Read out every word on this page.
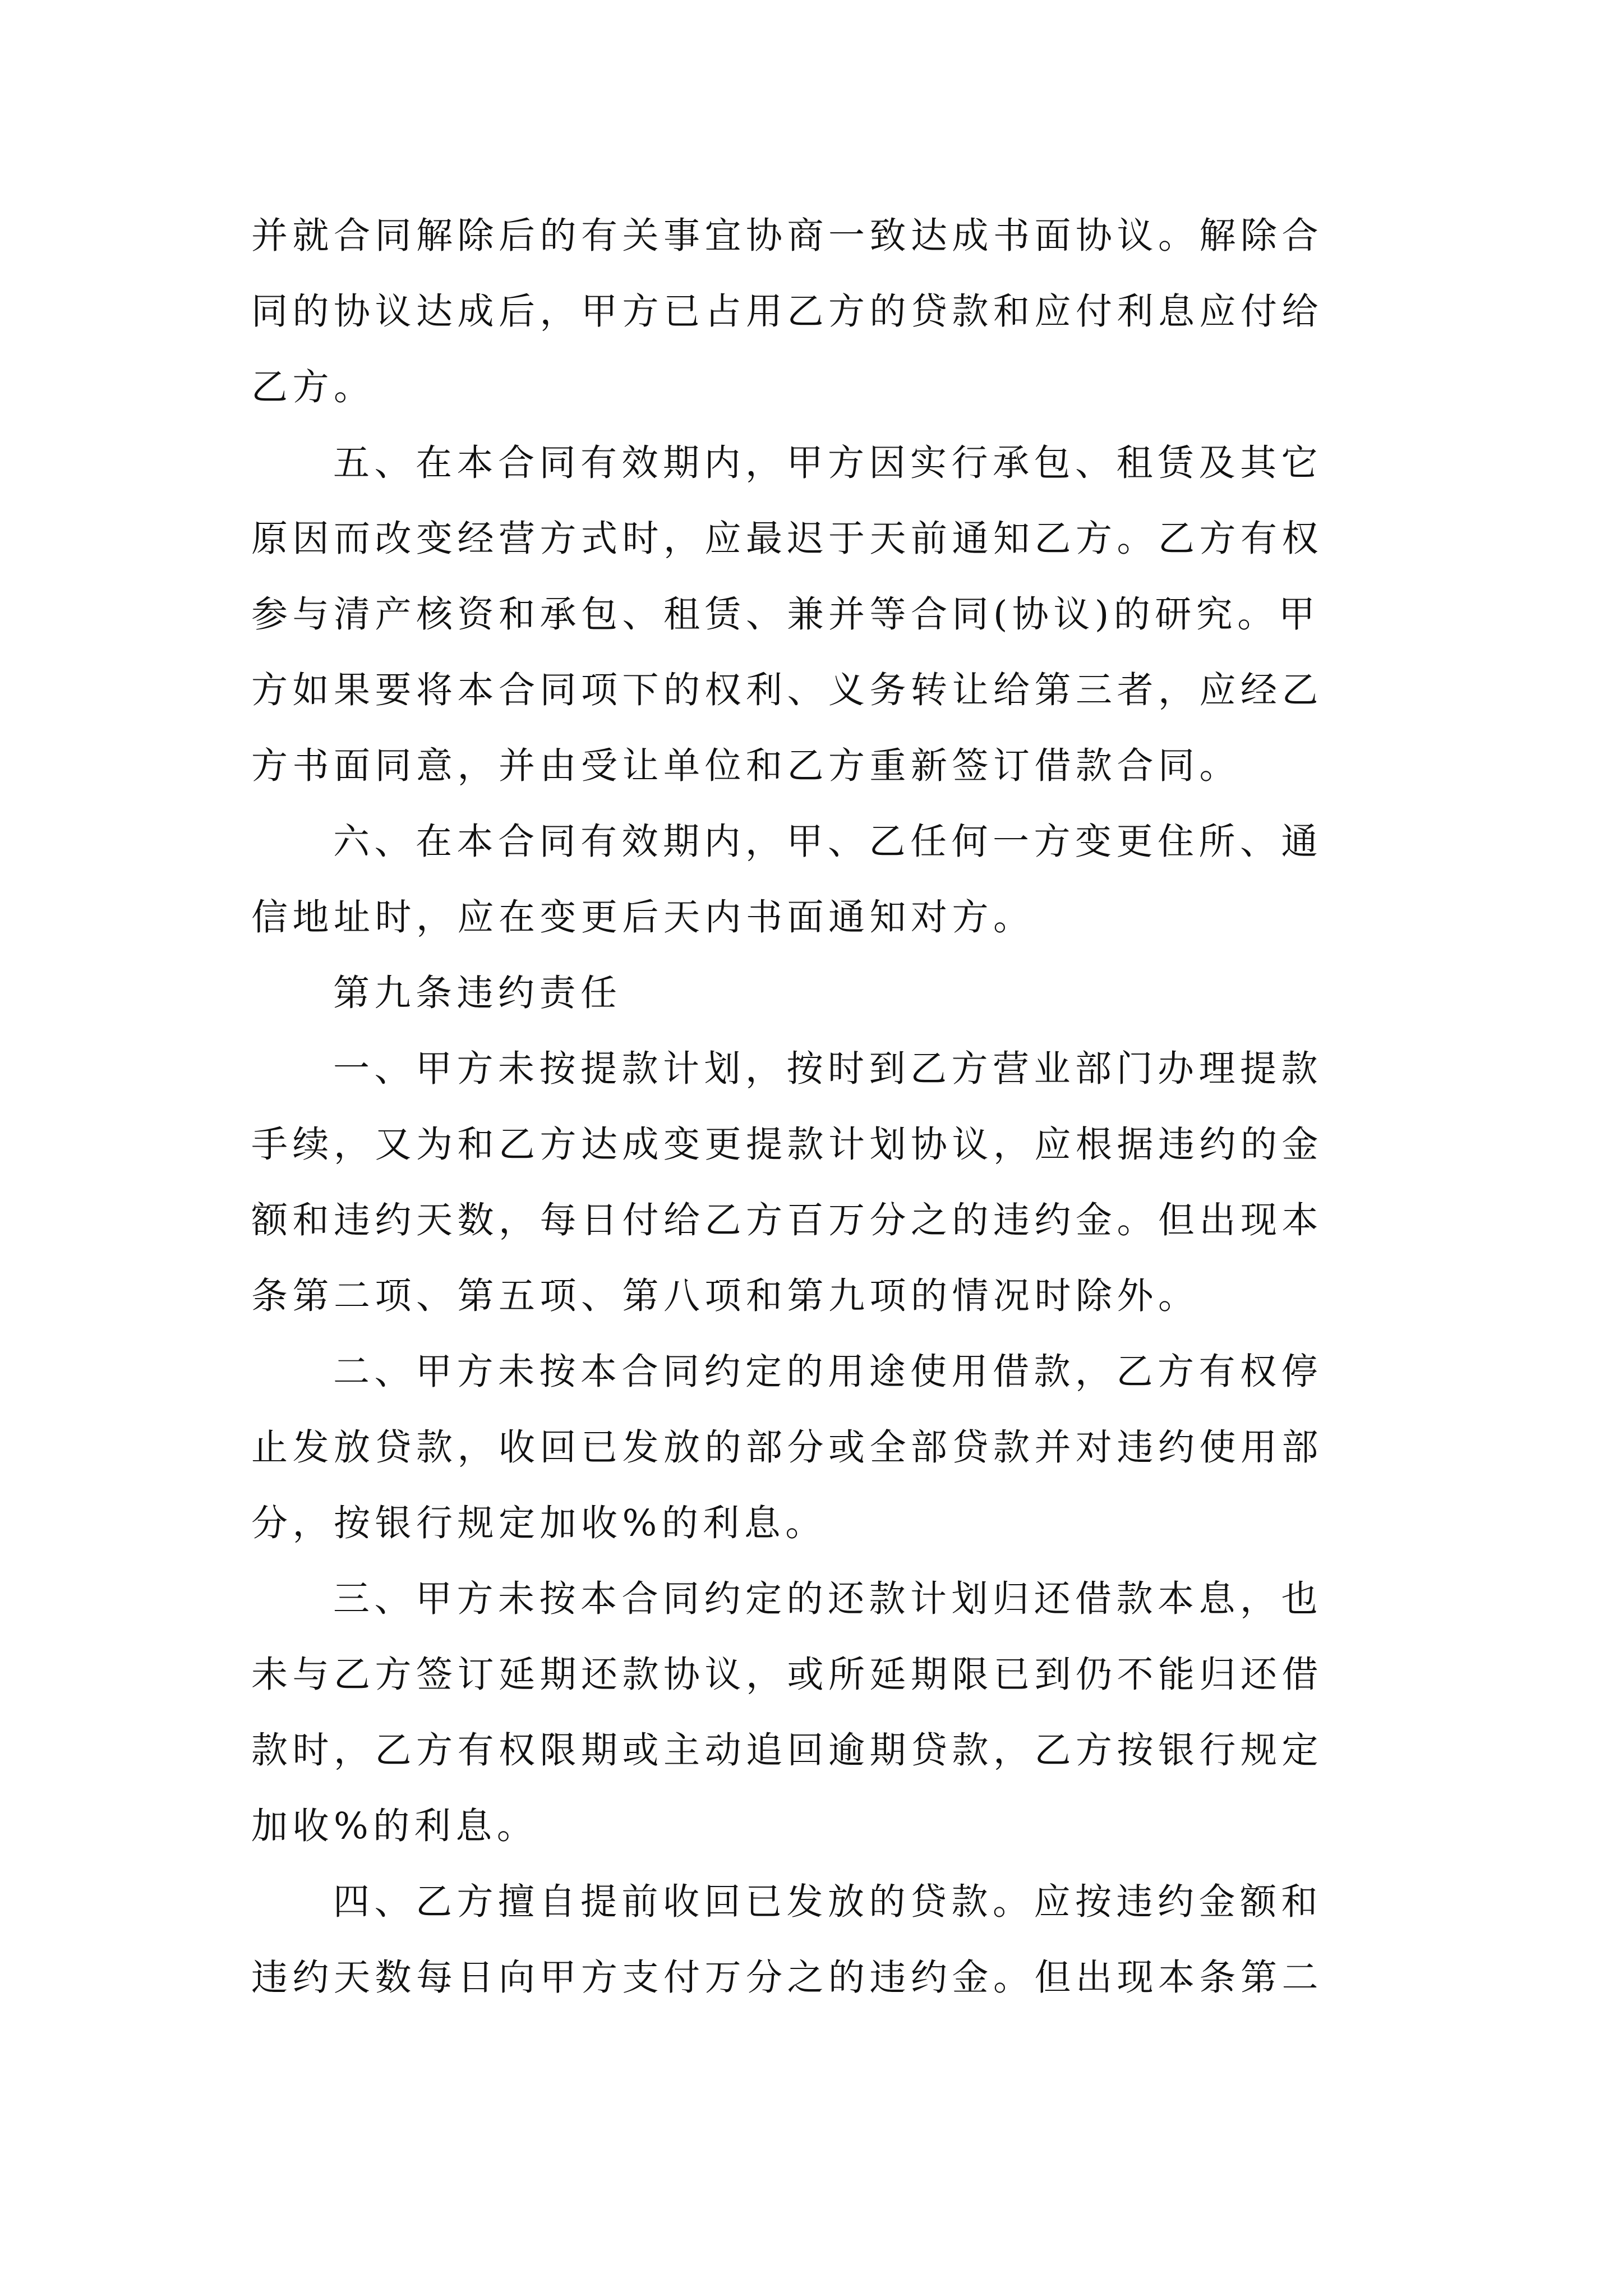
并就合同解除后的有关事宜协商一致达成书面协议。解除合
同的协议达成后，甲方已占用乙方的贷款和应付利息应付给
乙方。
五、在本合同有效期内，甲方因实行承包、租赁及其它
原因而改变经营方式时，应最迟于天前通知乙方。乙方有权
参与清产核资和承包、租赁、兼并等合同(协议)的研究。甲
方如果要将本合同项下的权利、义务转让给第三者，应经乙
方书面同意，并由受让单位和乙方重新签订借款合同。
六、在本合同有效期内，甲、乙任何一方变更住所、通
信地址时，应在变更后天内书面通知对方。
第九条违约责任
一、甲方未按提款计划，按时到乙方营业部门办理提款
手续，又为和乙方达成变更提款计划协议，应根据违约的金
额和违约天数，每日付给乙方百万分之的违约金。但出现本
条第二项、第五项、第八项和第九项的情况时除外。
二、甲方未按本合同约定的用途使用借款，乙方有权停
止发放贷款，收回已发放的部分或全部贷款并对违约使用部
分，按银行规定加收%的利息。
三、甲方未按本合同约定的还款计划归还借款本息，也
未与乙方签订延期还款协议，或所延期限已到仍不能归还借
款时，乙方有权限期或主动追回逾期贷款，乙方按银行规定
加收%的利息。
四、乙方擅自提前收回已发放的贷款。应按违约金额和
违约天数每日向甲方支付万分之的违约金。但出现本条第二
